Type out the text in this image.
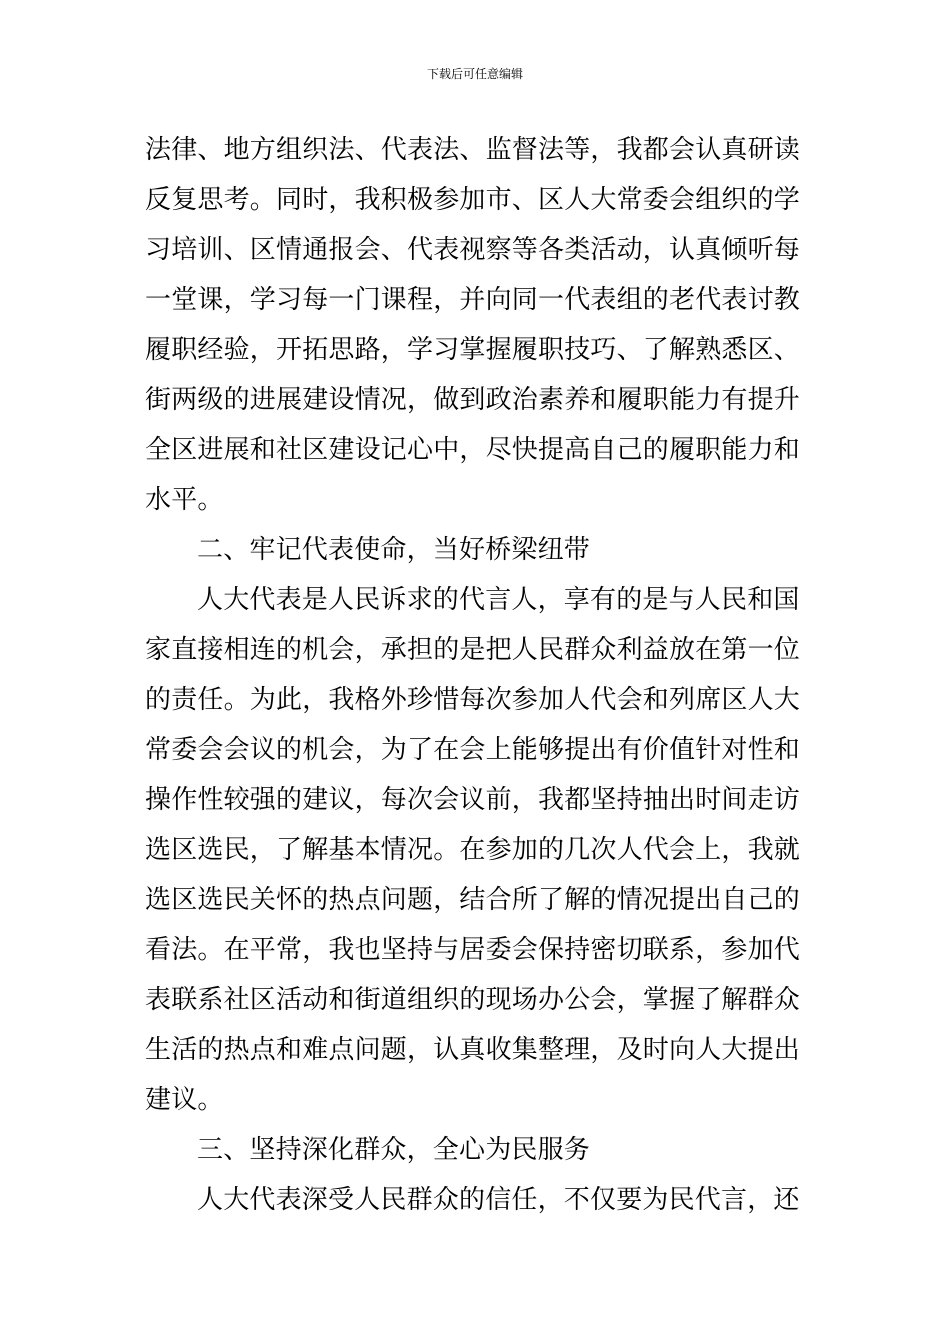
下载后可任意编辑
法律、地方组织法、代表法、监督法等，我都会认真研读
反复思考。同时，我积极参加市、区人大常委会组织的学
习培训、区情通报会、代表视察等各类活动，认真倾听每
一堂课，学习每一门课程，并向同一代表组的老代表讨教
履职经验，开拓思路，学习掌握履职技巧、了解熟悉区、
街两级的进展建设情况，做到政治素养和履职能力有提升
全区进展和社区建设记心中，尽快提高自己的履职能力和
水平。
二、牢记代表使命，当好桥梁纽带
人大代表是人民诉求的代言人，享有的是与人民和国
家直接相连的机会，承担的是把人民群众利益放在第一位
的责任。为此，我格外珍惜每次参加人代会和列席区人大
常委会会议的机会，为了在会上能够提出有价值针对性和
操作性较强的建议，每次会议前，我都坚持抽出时间走访
选区选民，了解基本情况。在参加的几次人代会上，我就
选区选民关怀的热点问题，结合所了解的情况提出自己的
看法。在平常，我也坚持与居委会保持密切联系，参加代
表联系社区活动和街道组织的现场办公会，掌握了解群众
生活的热点和难点问题，认真收集整理，及时向人大提出
建议。
三、坚持深化群众，全心为民服务
人大代表深受人民群众的信任，不仅要为民代言，还
